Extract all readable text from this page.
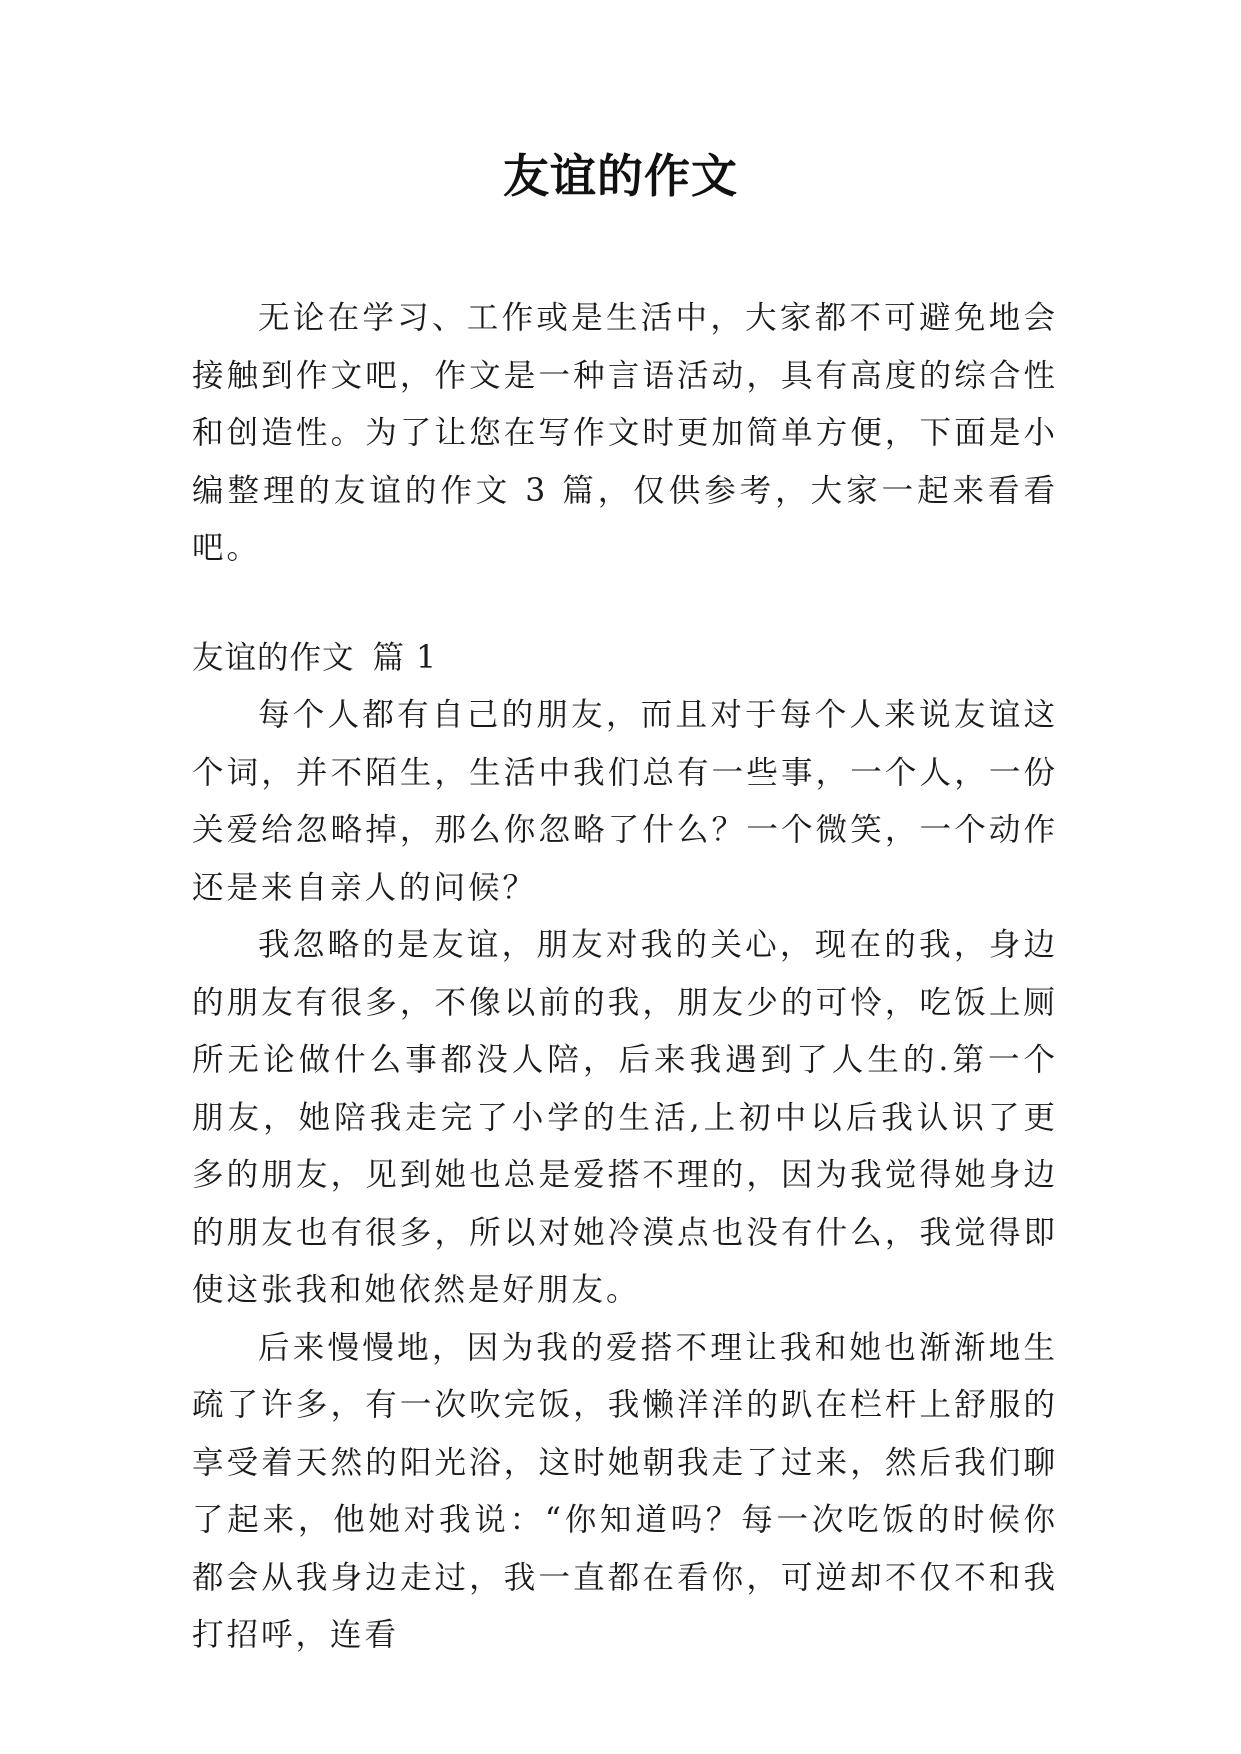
友谊的作文

无论在学习、工作或是生活中，大家都不可避免地会接触到作文吧，作文是一种言语活动，具有高度的综合性和创造性。为了让您在写作文时更加简单方便，下面是小编整理的友谊的作文 3 篇，仅供参考，大家一起来看看吧。

友谊的作文 篇 1

每个人都有自己的朋友，而且对于每个人来说友谊这个词，并不陌生，生活中我们总有一些事，一个人，一份关爱给忽略掉，那么你忽略了什么？一个微笑，一个动作还是来自亲人的问候？

我忽略的是友谊，朋友对我的关心，现在的我，身边的朋友有很多，不像以前的我，朋友少的可怜，吃饭上厕所无论做什么事都没人陪，后来我遇到了人生的.第一个朋友，她陪我走完了小学的生活,上初中以后我认识了更多的朋友，见到她也总是爱搭不理的，因为我觉得她身边的朋友也有很多，所以对她冷漠点也没有什么，我觉得即使这张我和她依然是好朋友。

后来慢慢地，因为我的爱搭不理让我和她也渐渐地生疏了许多，有一次吹完饭，我懒洋洋的趴在栏杆上舒服的享受着天然的阳光浴，这时她朝我走了过来，然后我们聊了起来，他她对我说：“你知道吗？每一次吃饭的时候你都会从我身边走过，我一直都在看你，可逆却不仅不和我打招呼，连看
